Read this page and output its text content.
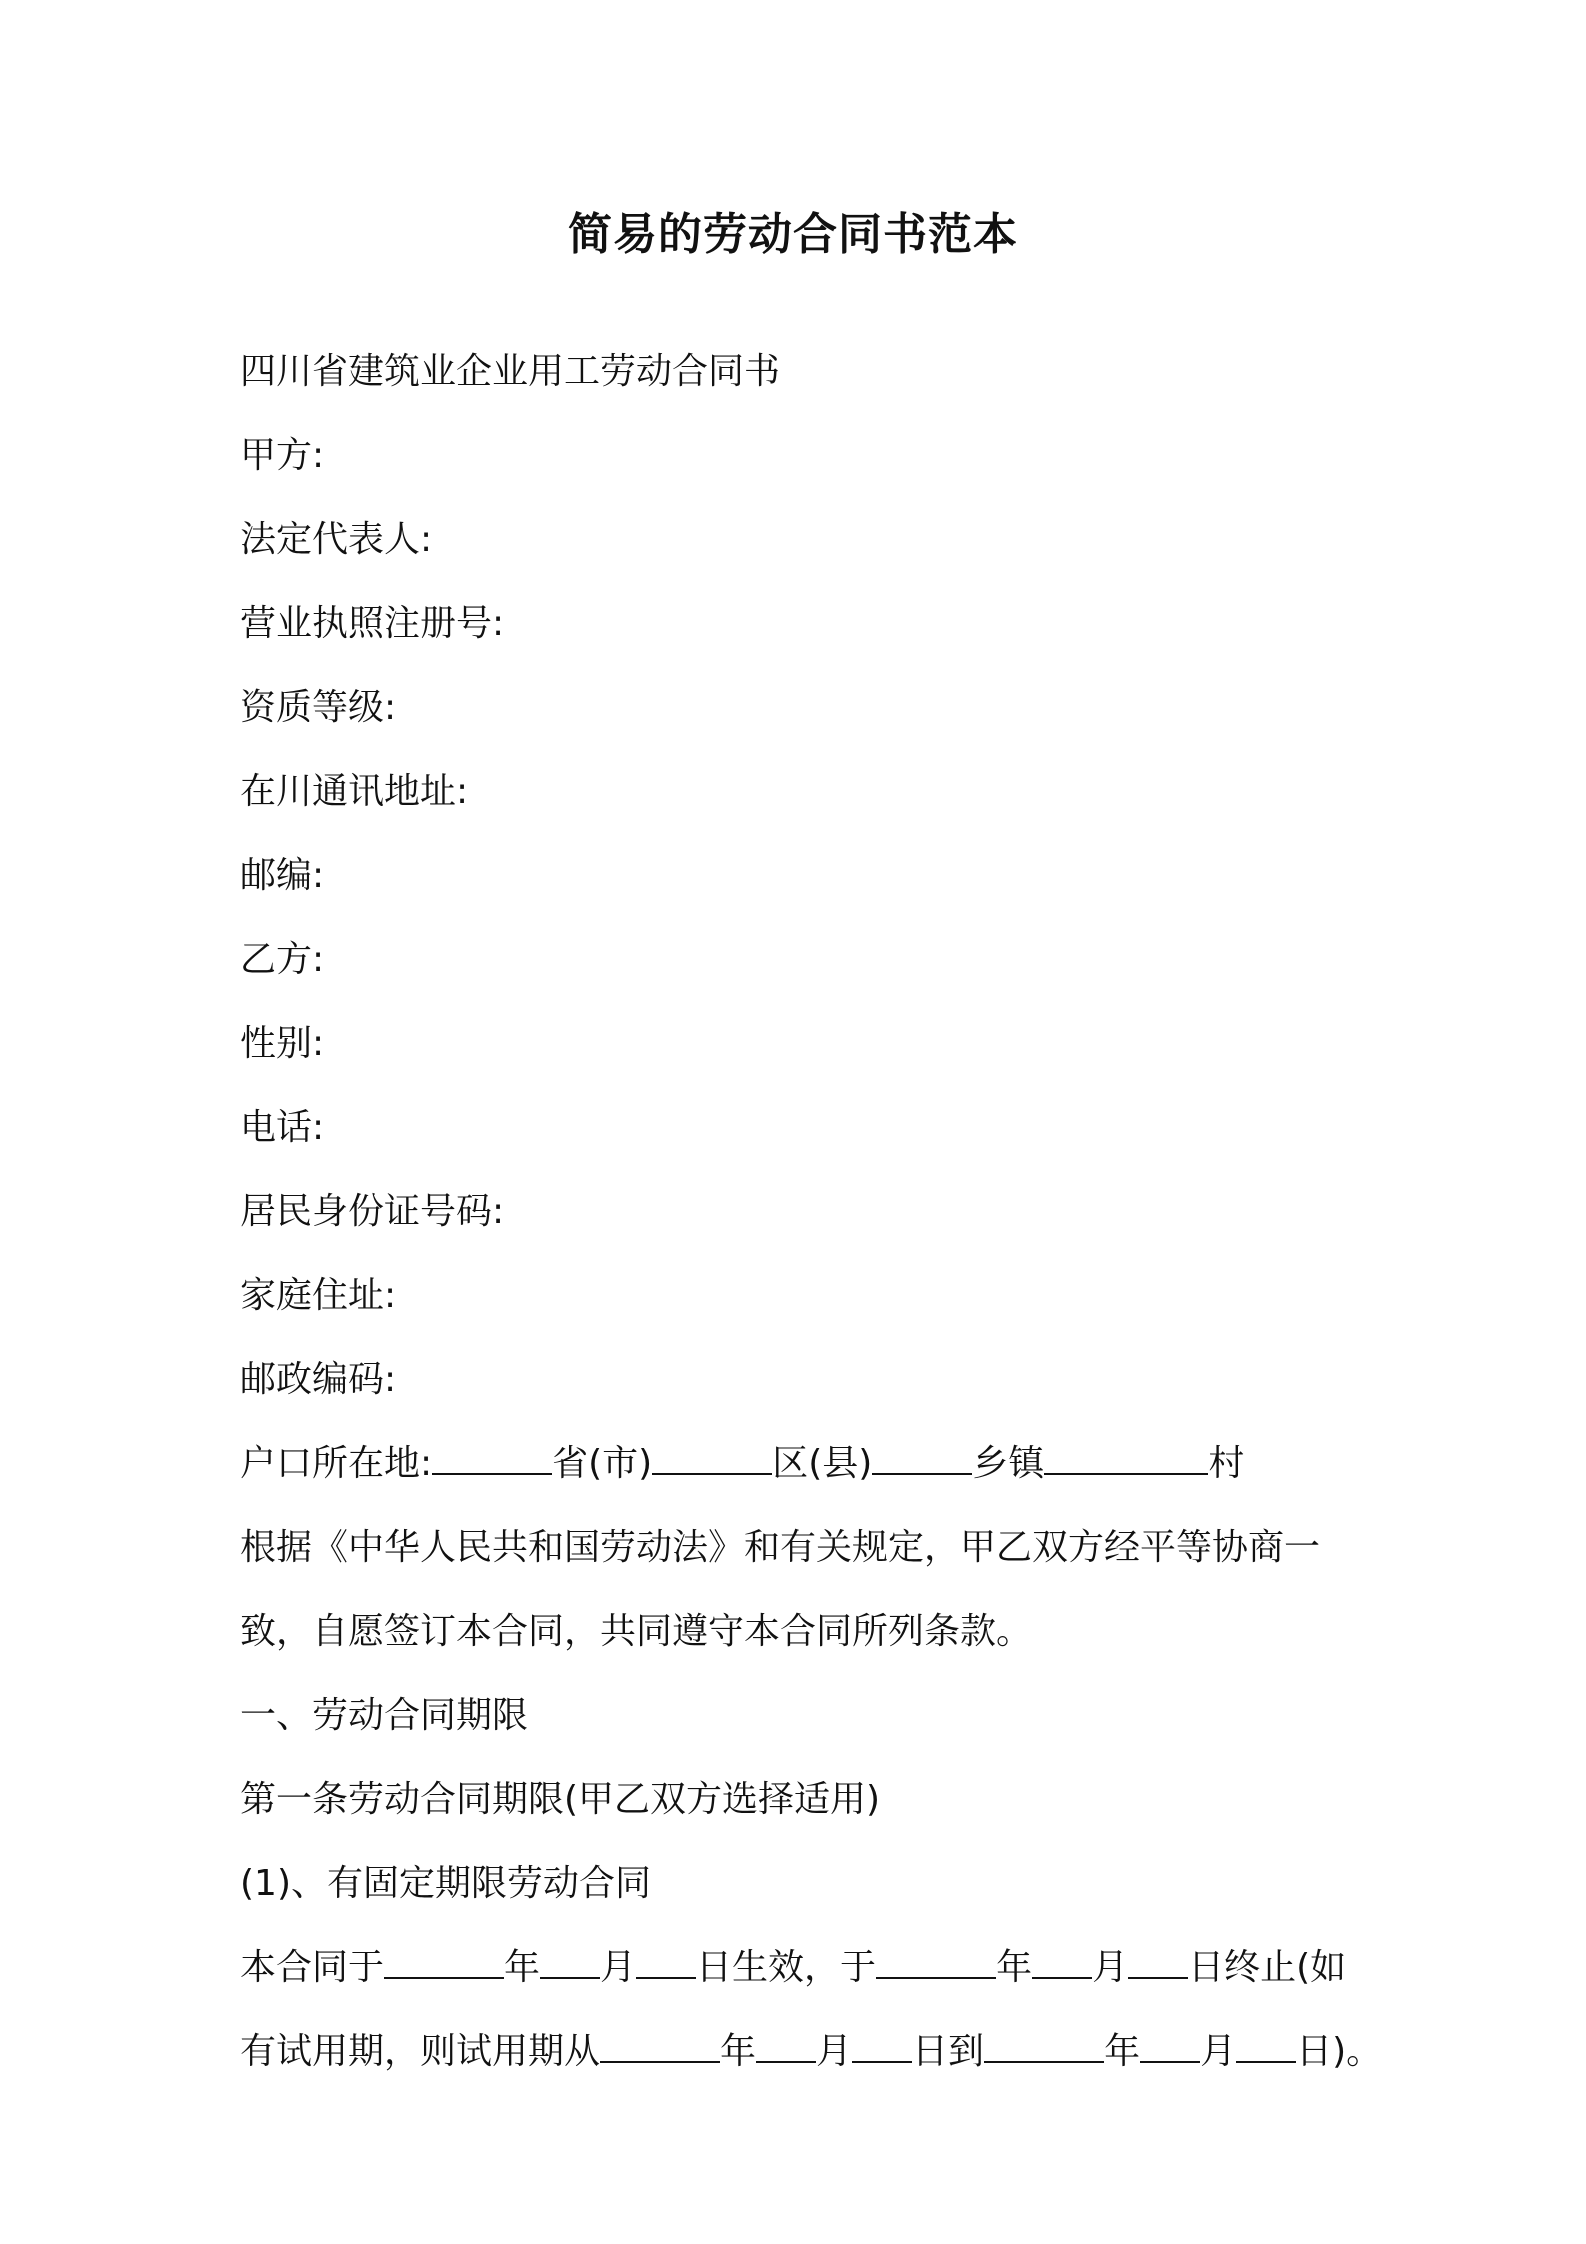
简易的劳动合同书范本

四川省建筑业企业用工劳动合同书

甲方:

法定代表人:

营业执照注册号:

资质等级:

在川通讯地址:

邮编:

乙方:

性别:

电话:

居民身份证号码:

家庭住址:

邮政编码:

户口所在地:	省(市)	区(县)	乡镇	村

根据《中华人民共和国劳动法》和有关规定，甲乙双方经平等协商一

致，自愿签订本合同，共同遵守本合同所列条款。

一、劳动合同期限

第一条劳动合同期限(甲乙双方选择适用)

(1)、有固定期限劳动合同

本合同于	年 月 日生效，于	年 月 日终止(如

有试用期，则试用期从	年 月 日到	年 月 日)。
